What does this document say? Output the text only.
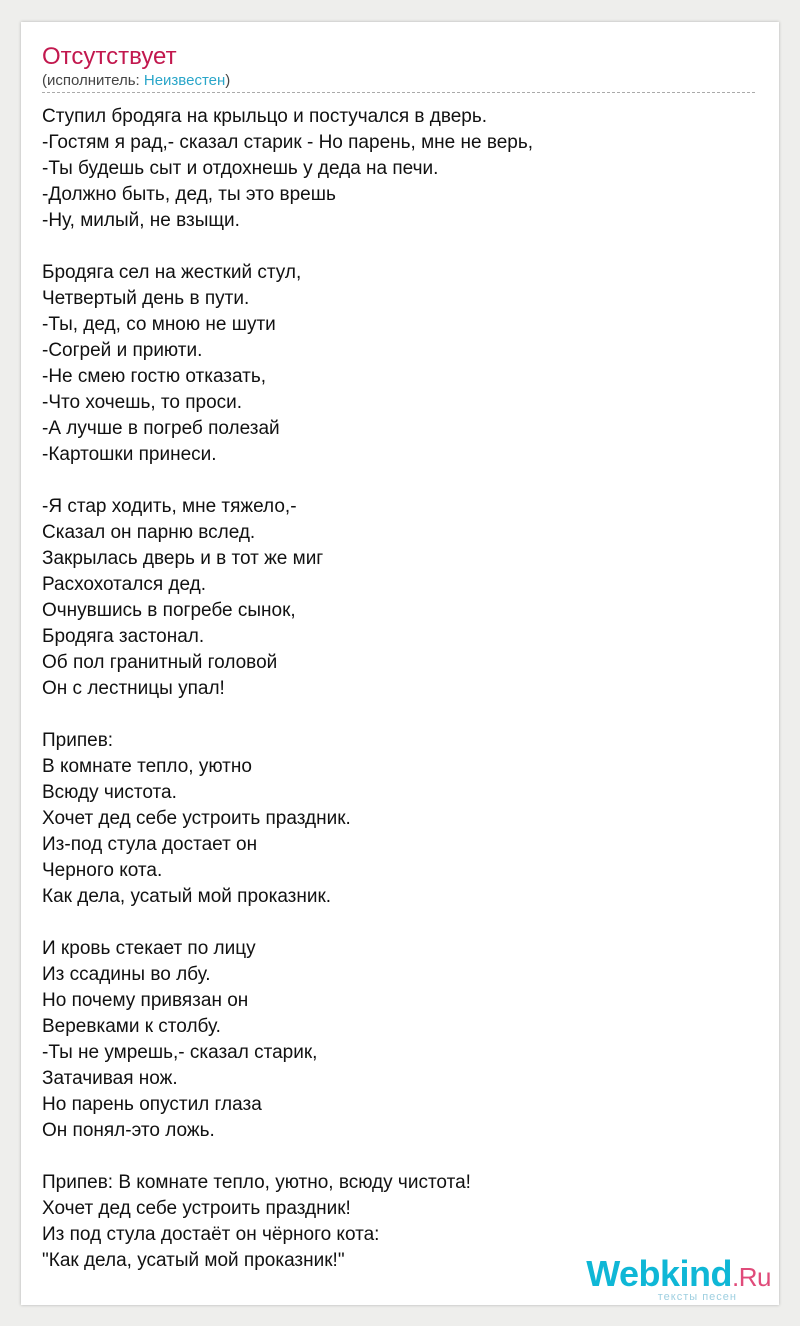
Отсутствует
(исполнитель: Неизвестен)
Ступил бродяга на крыльцо и постучался в дверь.
-Гостям я рад,- сказал старик - Но парень, мне не верь,
-Ты будешь сыт и отдохнешь у деда на печи.
-Должно быть, дед, ты это врешь
-Ну, милый, не взыщи.
Бродяга сел на жесткий стул,
Четвертый день в пути.
-Ты, дед, со мною не шути
-Согрей и приюти.
-Не смею гостю отказать,
-Что хочешь, то проси.
-А лучше в погреб полезай
-Картошки принеси.
-Я стар ходить, мне тяжело,-
Сказал он парню вслед.
Закрылась дверь и в тот же миг
Расхохотался дед.
Очнувшись в погребе сынок,
Бродяга застонал.
Об пол гранитный головой
Он с лестницы упал!
Припев:
В комнате тепло, уютно
Всюду чистота.
Хочет дед себе устроить праздник.
Из-под стула достает он
Черного кота.
Как дела, усатый мой проказник.
И кровь стекает по лицу
Из ссадины во лбу.
Но почему привязан он
Веревками к столбу.
-Ты не умрешь,- сказал старик,
Затачивая нож.
Но парень опустил глаза
Он понял-это ложь.
Припев: В комнате тепло, уютно, всюду чистота!
Хочет дед себе устроить праздник!
Из под стула достаёт он чёрного кота:
"Как дела, усатый мой проказник!"	Webkind.Ru
тексты песен
